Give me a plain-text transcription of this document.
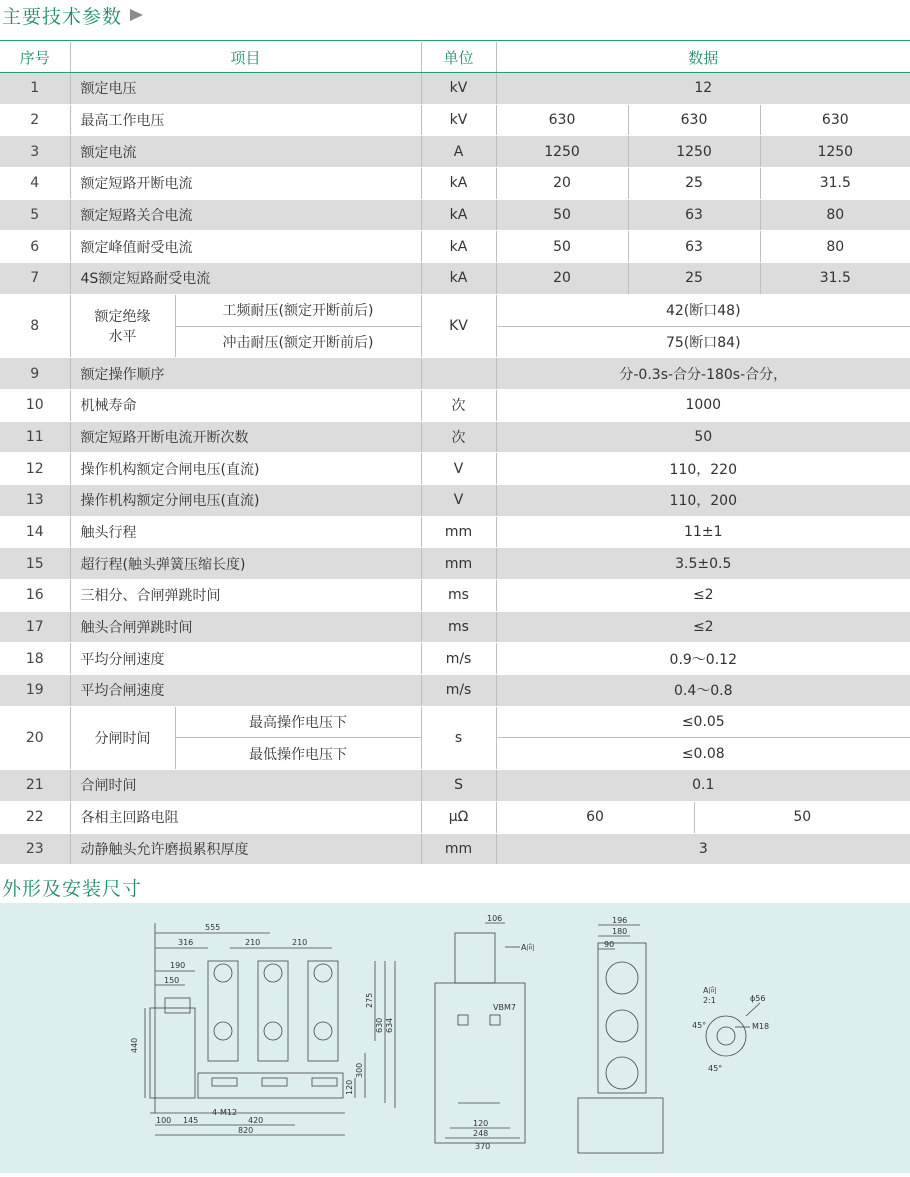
主要技术参数
序号	项目		单位	数据			
1	额定电压		kV	12			
2	最高工作电压		kV	630	630		630
3	额定电流		A	1250	1250		1250
4	额定短路开断电流		kA	20	25		31.5
5	额定短路关合电流		kA	50	63		80
6	额定峰值耐受电流		kA	50	63		80
7	4S额定短路耐受电流		kA	20	25		31.5
8	额定绝缘水平	工频耐压(额定开断前后)	KV	42(断口48)			
		冲击耐压(额定开断前后)		75(断口84)			
9	额定操作顺序			分-0.3s-合分-180s-合分，			
10	机械寿命		次	1000			
11	额定短路开断电流开断次数		次	50			
12	操作机构额定合闸电压(直流)		V	110，220			
13	操作机构额定分闸电压(直流)		V	110，200			
14	触头行程		mm	11±1			
15	超行程(触头弹簧压缩长度)		mm	3.5±0.5			
16	三相分、合闸弹跳时间		ms	≤2			
17	触头合闸弹跳时间		ms	≤2			
18	平均分闸速度		m/s	0.9～0.12			
19	平均合闸速度		m/s	0.4～0.8			
20	分闸时间	最高操作电压下	s	≤0.05			
		最低操作电压下		≤0.08			
21	合闸时间		S	0.1			
22	各相主回路电阻		μΩ	60		50	
23	动静触头允许磨损累积厚度		mm	3			
外形及安装尺寸
555
316	210	210
190
150
440
275
630 634
300
120
100 145	420
820
4-M12
106
A向
VBM7
120
248
370
196
180
90
A向
2:1	ϕ56
M18
45°
45°
